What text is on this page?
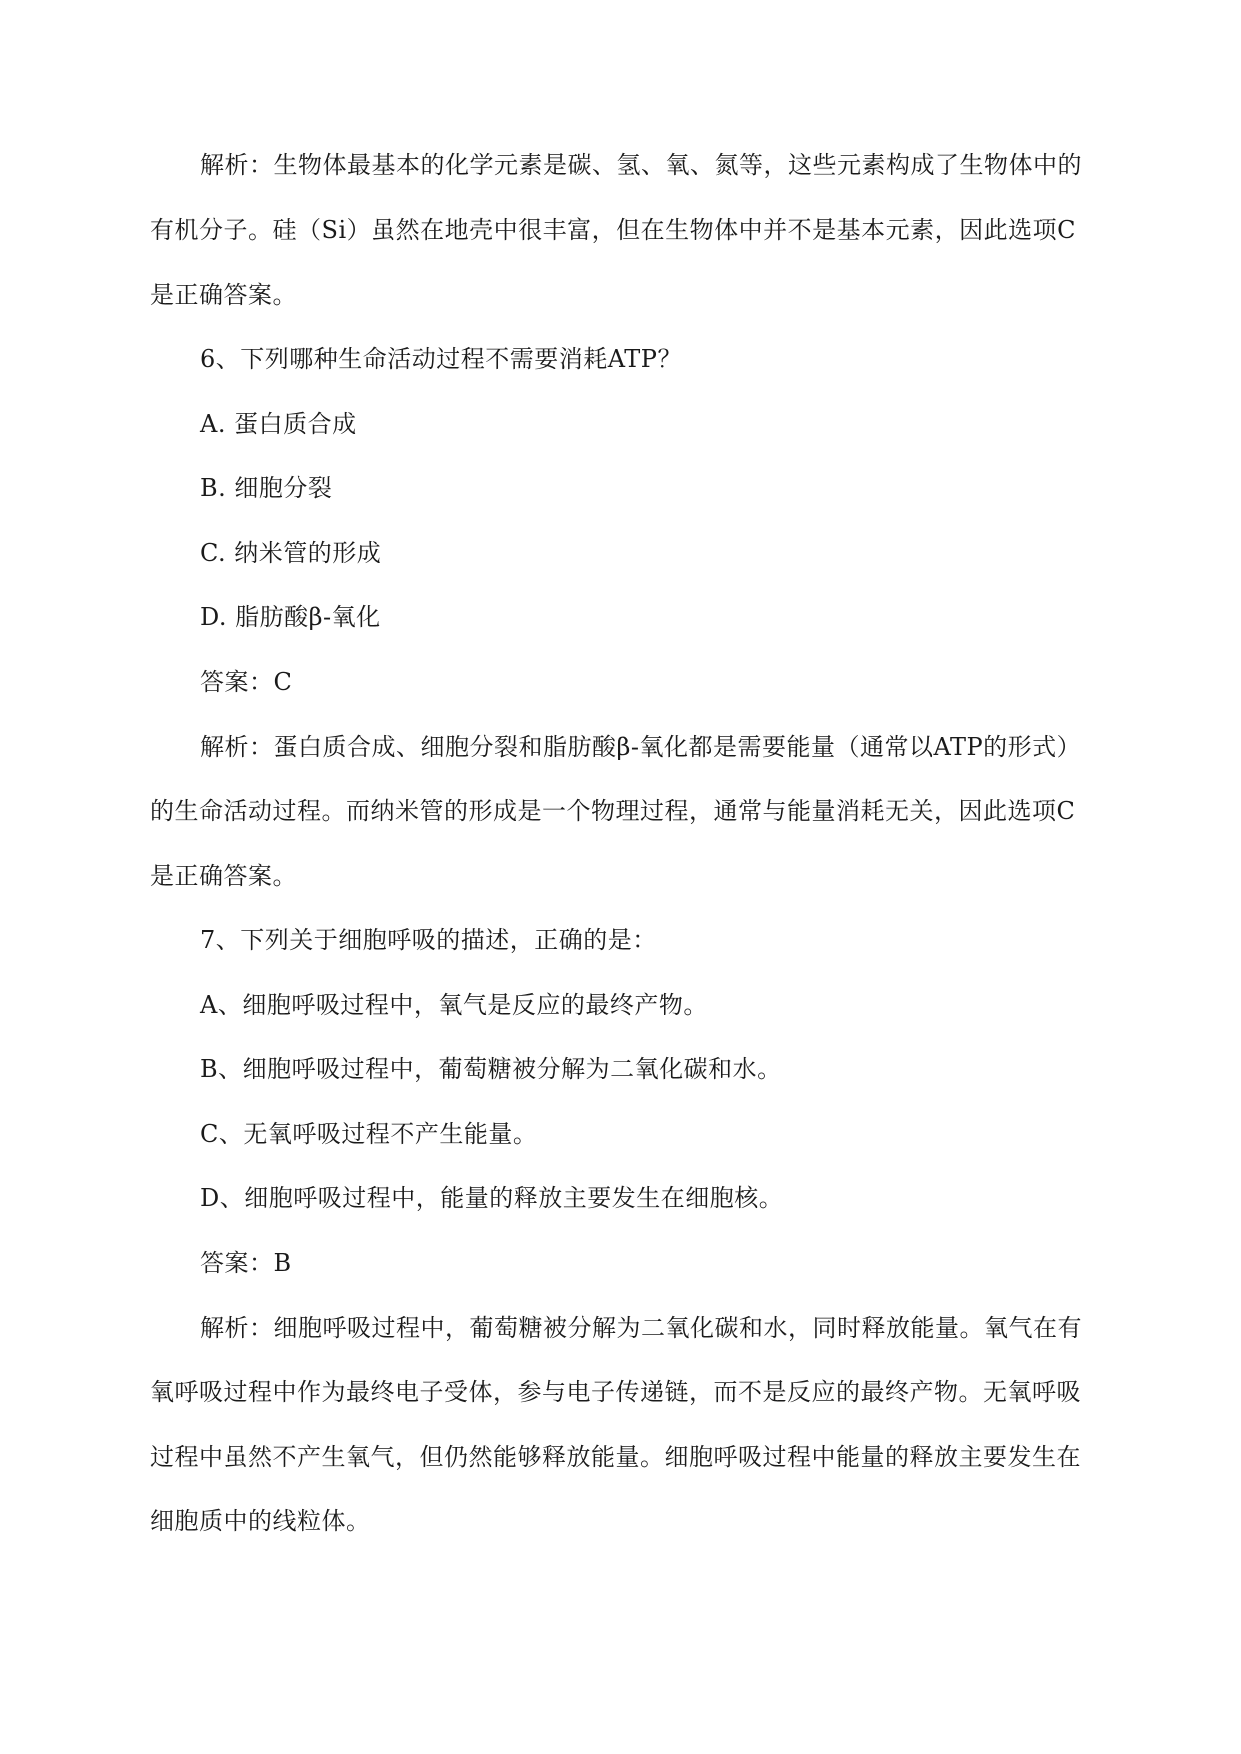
解析：生物体最基本的化学元素是碳、氢、氧、氮等，这些元素构成了生物体中的
有机分子。硅（Si）虽然在地壳中很丰富，但在生物体中并不是基本元素，因此选项C
是正确答案。
6、下列哪种生命活动过程不需要消耗ATP？
A. 蛋白质合成
B. 细胞分裂
C. 纳米管的形成
D. 脂肪酸β-氧化
答案：C
解析：蛋白质合成、细胞分裂和脂肪酸β-氧化都是需要能量（通常以ATP的形式）
的生命活动过程。而纳米管的形成是一个物理过程，通常与能量消耗无关，因此选项C
是正确答案。
7、下列关于细胞呼吸的描述，正确的是：
A、细胞呼吸过程中，氧气是反应的最终产物。
B、细胞呼吸过程中，葡萄糖被分解为二氧化碳和水。
C、无氧呼吸过程不产生能量。
D、细胞呼吸过程中，能量的释放主要发生在细胞核。
答案：B
解析：细胞呼吸过程中，葡萄糖被分解为二氧化碳和水，同时释放能量。氧气在有
氧呼吸过程中作为最终电子受体，参与电子传递链，而不是反应的最终产物。无氧呼吸
过程中虽然不产生氧气，但仍然能够释放能量。细胞呼吸过程中能量的释放主要发生在
细胞质中的线粒体。
